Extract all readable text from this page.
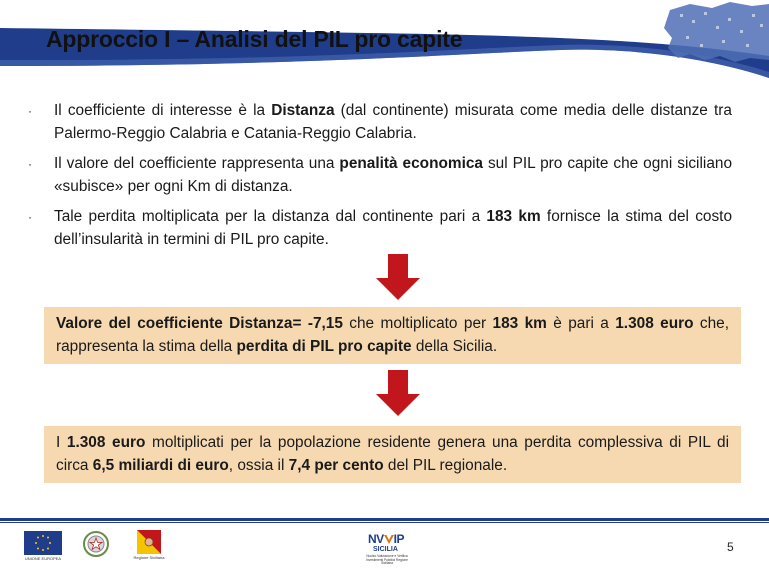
Approccio I – Analisi del PIL pro capite
· Il coefficiente di interesse è la Distanza (dal continente) misurata come media delle distanze tra Palermo-Reggio Calabria e Catania-Reggio Calabria.
· Il valore del coefficiente rappresenta una penalità economica sul PIL pro capite che ogni siciliano «subisce» per ogni Km di distanza.
· Tale perdita moltiplicata per la distanza dal continente pari a 183 km fornisce la stima del costo dell’insularità in termini di PIL pro capite.
Valore del coefficiente Distanza= -7,15 che moltiplicato per 183 km è pari a 1.308 euro che, rappresenta la stima della perdita di PIL pro capite della Sicilia.
I 1.308 euro moltiplicati per la popolazione residente genera una perdita complessiva di PIL di circa 6,5 miliardi di euro, ossia il 7,4 per cento del PIL regionale.
UNIONE EUROPEA	Regione Siciliana
NV IP
SICILIA
Nucleo Valutazione e Verifica Investimenti Pubblici Regione Siciliana
5
